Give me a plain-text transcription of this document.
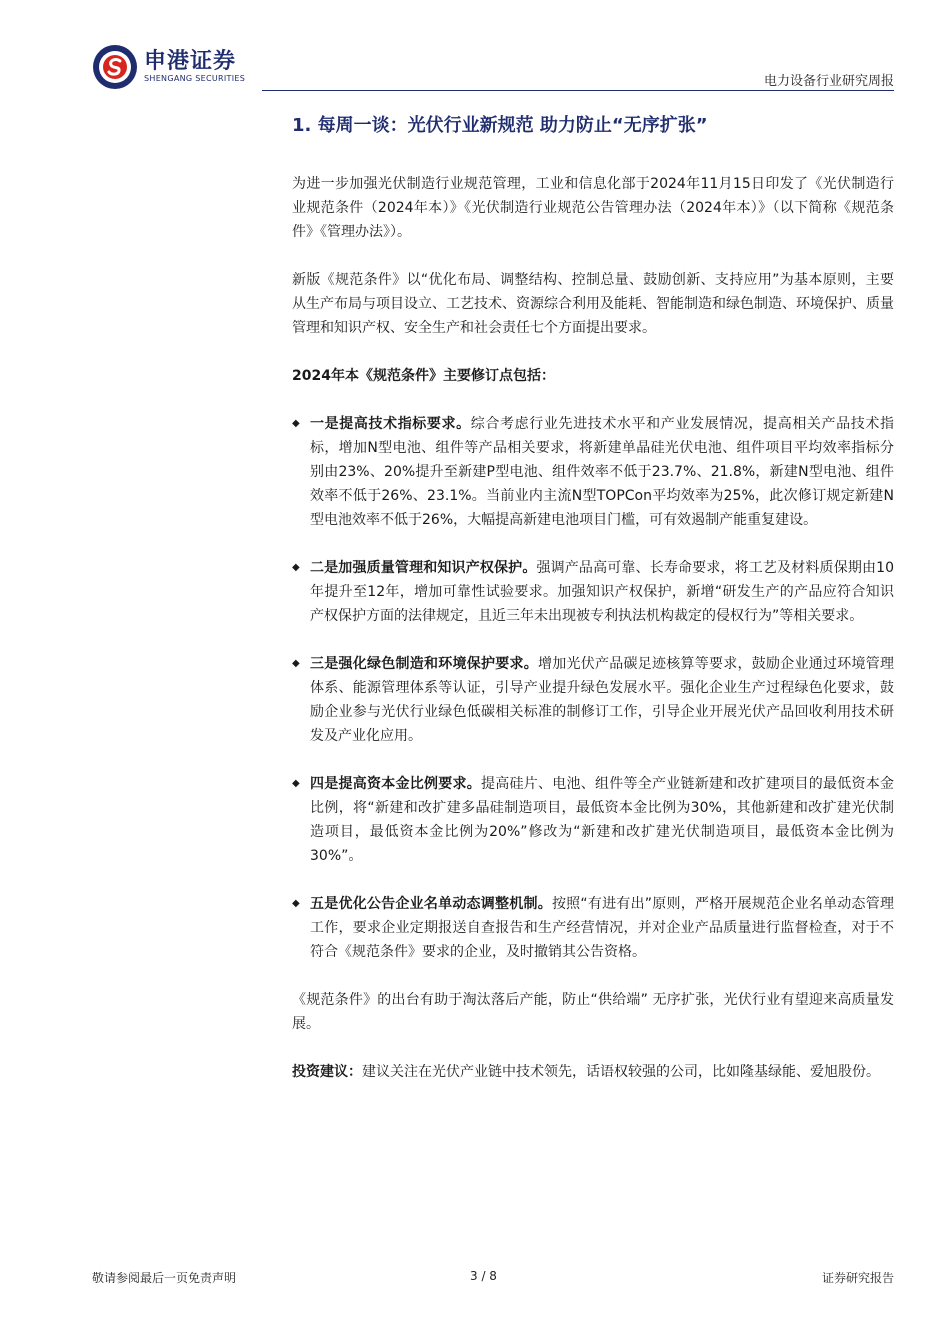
申港证券
SHENGANG SECURITIES	电力设备行业研究周报
1. 每周一谈：光伏行业新规范 助力防止“无序扩张”

为进一步加强光伏制造行业规范管理，工业和信息化部于2024年11月15日印发了《光伏制造行业规范条件（2024年本）》《光伏制造行业规范公告管理办法（2024年本）》（以下简称《规范条件》《管理办法》）。

新版《规范条件》以“优化布局、调整结构、控制总量、鼓励创新、支持应用”为基本原则，主要从生产布局与项目设立、工艺技术、资源综合利用及能耗、智能制造和绿色制造、环境保护、质量管理和知识产权、安全生产和社会责任七个方面提出要求。

2024年本《规范条件》主要修订点包括：

◆ 一是提高技术指标要求。综合考虑行业先进技术水平和产业发展情况，提高相关产品技术指标，增加N型电池、组件等产品相关要求，将新建单晶硅光伏电池、组件项目平均效率指标分别由23%、20%提升至新建P型电池、组件效率不低于23.7%、21.8%，新建N型电池、组件效率不低于26%、23.1%。当前业内主流N型TOPCon平均效率为25%，此次修订规定新建N型电池效率不低于26%，大幅提高新建电池项目门槛，可有效遏制产能重复建设。
◆ 二是加强质量管理和知识产权保护。强调产品高可靠、长寿命要求，将工艺及材料质保期由10年提升至12年，增加可靠性试验要求。加强知识产权保护，新增“研发生产的产品应符合知识产权保护方面的法律规定，且近三年未出现被专利执法机构裁定的侵权行为”等相关要求。
◆ 三是强化绿色制造和环境保护要求。增加光伏产品碳足迹核算等要求，鼓励企业通过环境管理体系、能源管理体系等认证，引导产业提升绿色发展水平。强化企业生产过程绿色化要求，鼓励企业参与光伏行业绿色低碳相关标准的制修订工作，引导企业开展光伏产品回收利用技术研发及产业化应用。
◆ 四是提高资本金比例要求。提高硅片、电池、组件等全产业链新建和改扩建项目的最低资本金比例，将“新建和改扩建多晶硅制造项目，最低资本金比例为30%，其他新建和改扩建光伏制造项目，最低资本金比例为20%”修改为“新建和改扩建光伏制造项目，最低资本金比例为30%”。
◆ 五是优化公告企业名单动态调整机制。按照“有进有出”原则，严格开展规范企业名单动态管理工作，要求企业定期报送自查报告和生产经营情况，并对企业产品质量进行监督检查，对于不符合《规范条件》要求的企业，及时撤销其公告资格。

《规范条件》的出台有助于淘汰落后产能，防止“供给端” 无序扩张，光伏行业有望迎来高质量发展。

投资建议：建议关注在光伏产业链中技术领先，话语权较强的公司，比如隆基绿能、爱旭股份。

敬请参阅最后一页免责声明	3 / 8	证券研究报告
